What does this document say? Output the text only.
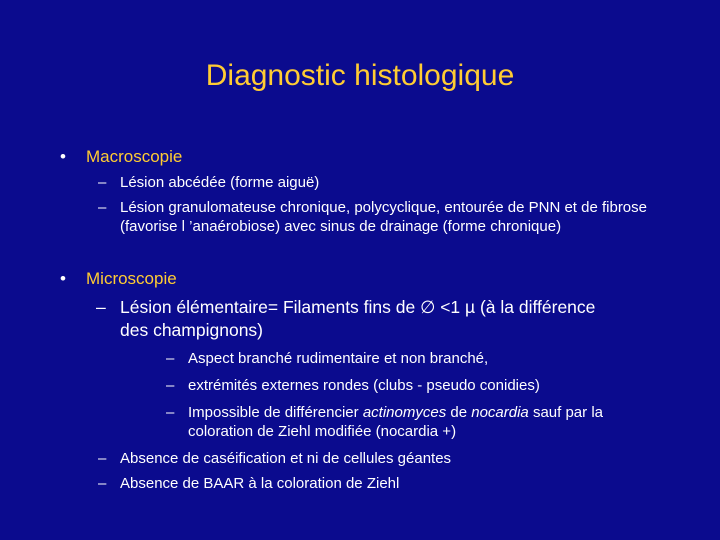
Diagnostic histologique
• Macroscopie
– Lésion abcédée (forme aiguë)
– Lésion granulomateuse chronique, polycyclique, entourée de PNN et de fibrose (favorise l ’anaérobiose) avec sinus de drainage (forme chronique)
• Microscopie
– Lésion élémentaire= Filaments fins de ∅ <1 µ (à la différence des champignons)
– Aspect branché rudimentaire et non branché,
– extrémités externes rondes (clubs - pseudo conidies)
– Impossible de différencier actinomyces de nocardia sauf par la coloration de Ziehl modifiée (nocardia +)
– Absence de caséification et ni de cellules géantes
– Absence de BAAR à la coloration de Ziehl
